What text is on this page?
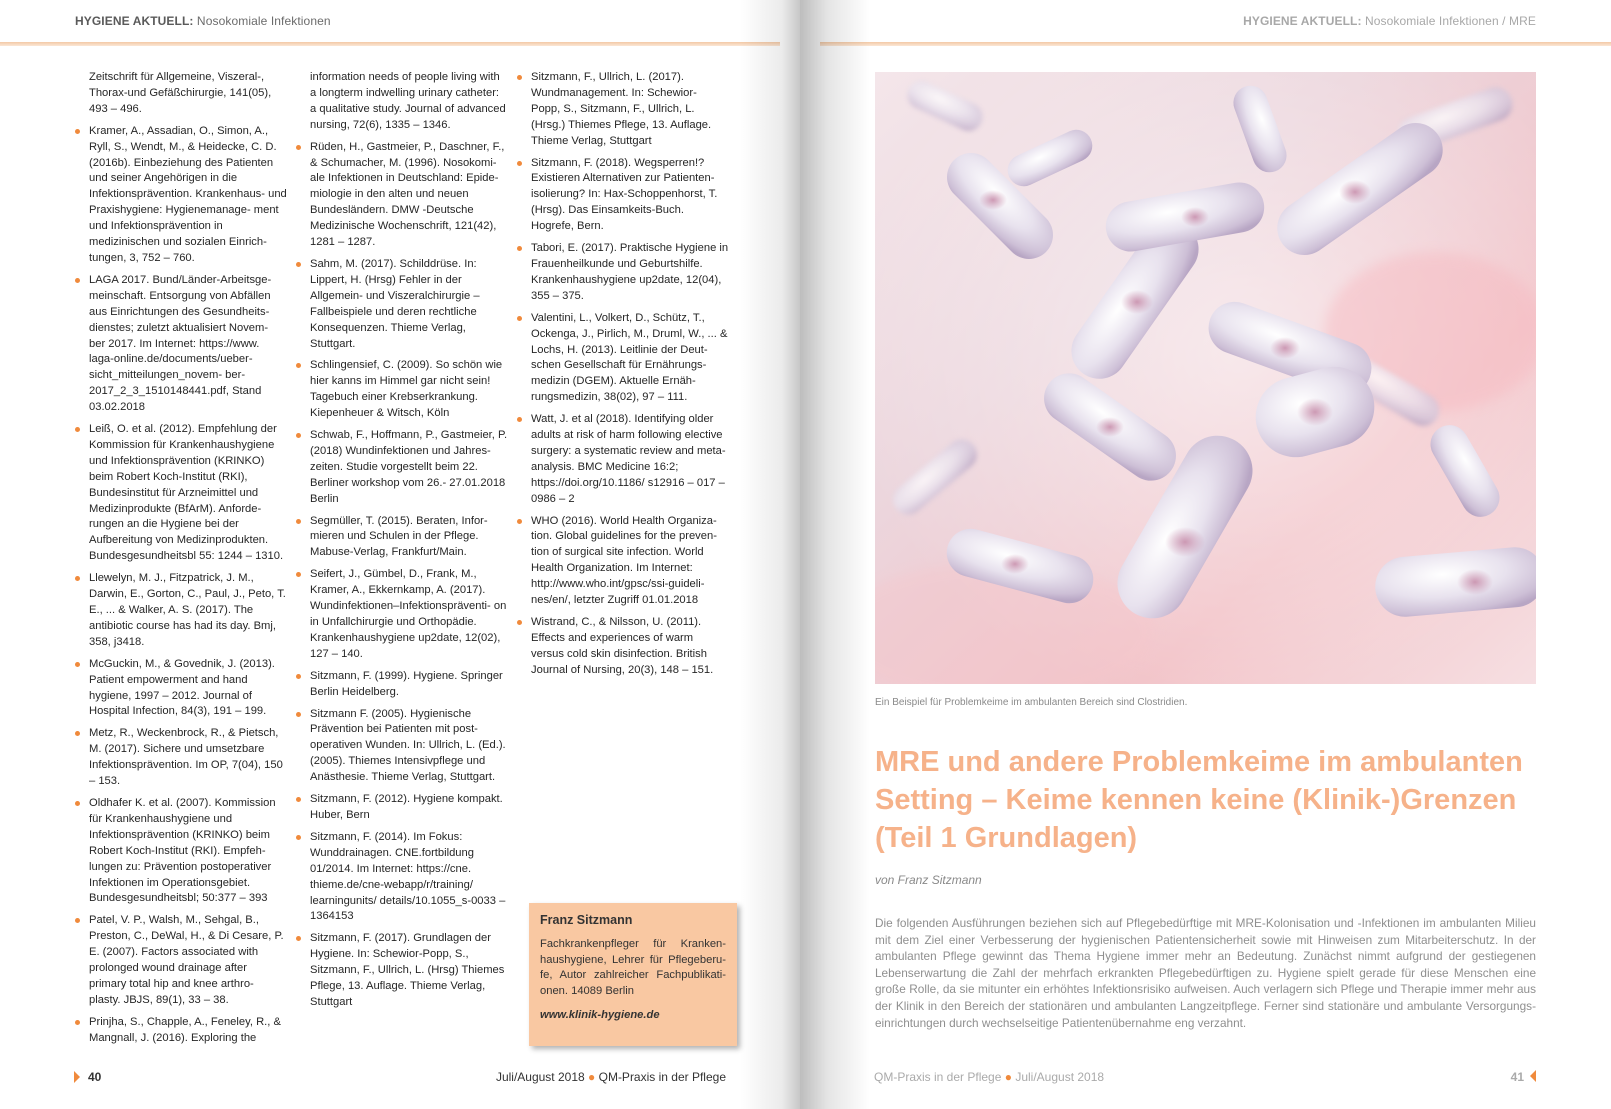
HYGIENE AKTUELL: Nosokomiale Infektionen
Zeitschrift für Allgemeine, Viszeral-, Thorax-und Gefäßchirurgie, 141(05), 493 – 496.
Kramer, A., Assadian, O., Simon, A., Ryll, S., Wendt, M., & Heidecke, C. D. (2016b). Einbeziehung des Patienten und seiner Angehörigen in die Infektionsprävention. Krankenhaus- und Praxishygiene: Hygienemanage- ment und Infektionsprävention in medizinischen und sozialen Einrich- tungen, 3, 752 – 760.
LAGA 2017. Bund/Länder-Arbeitsge- meinschaft. Entsorgung von Abfällen aus Einrichtungen des Gesundheits- dienstes; zuletzt aktualisiert Novem- ber 2017. Im Internet: https://www. laga-online.de/documents/ueber- sicht_mitteilungen_novem- ber-2017_2_3_1510148441.pdf, Stand 03.02.2018
Leiß, O. et al. (2012). Empfehlung der Kommission für Krankenhaushygiene und Infektionsprävention (KRINKO) beim Robert Koch-Institut (RKI), Bundesinstitut für Arzneimittel und Medizinprodukte (BfArM). Anforde- rungen an die Hygiene bei der Aufbereitung von Medizinprodukten. Bundesgesundheitsbl 55: 1244 – 1310.
Llewelyn, M. J., Fitzpatrick, J. M., Darwin, E., Gorton, C., Paul, J., Peto, T. E., ... & Walker, A. S. (2017). The antibiotic course has had its day. Bmj, 358, j3418.
McGuckin, M., & Govednik, J. (2013). Patient empowerment and hand hygiene, 1997 – 2012. Journal of Hospital Infection, 84(3), 191 – 199.
Metz, R., Weckenbrock, R., & Pietsch, M. (2017). Sichere und umsetzbare Infektionsprävention. Im OP, 7(04), 150 – 153.
Oldhafer K. et al. (2007). Kommission für Krankenhaushygiene und Infektionsprävention (KRINKO) beim Robert Koch-Institut (RKI). Empfeh- lungen zu: Prävention postoperativer Infektionen im Operationsgebiet. Bundesgesundheitsbl; 50:377 – 393
Patel, V. P., Walsh, M., Sehgal, B., Preston, C., DeWal, H., & Di Cesare, P. E. (2007). Factors associated with prolonged wound drainage after primary total hip and knee arthro- plasty. JBJS, 89(1), 33 – 38.
Prinjha, S., Chapple, A., Feneley, R., & Mangnall, J. (2016). Exploring the
information needs of people living with a longterm indwelling urinary catheter: a qualitative study. Journal of advanced nursing, 72(6), 1335 – 1346.
Rüden, H., Gastmeier, P., Daschner, F., & Schumacher, M. (1996). Nosokomi- ale Infektionen in Deutschland: Epide- miologie in den alten und neuen Bundesländern. DMW -Deutsche Medizinische Wochenschrift, 121(42), 1281 – 1287.
Sahm, M. (2017). Schilddrüse. In: Lippert, H. (Hrsg) Fehler in der Allgemein- und Viszeralchirurgie – Fallbeispiele und deren rechtliche Konsequenzen. Thieme Verlag, Stuttgart.
Schlingensief, C. (2009). So schön wie hier kanns im Himmel gar nicht sein! Tagebuch einer Krebserkrankung. Kiepenheuer & Witsch, Köln
Schwab, F., Hoffmann, P., Gastmeier, P. (2018) Wundinfektionen und Jahres- zeiten. Studie vorgestellt beim 22. Berliner workshop vom 26.- 27.01.2018 Berlin
Segmüller, T. (2015). Beraten, Infor- mieren und Schulen in der Pflege. Mabuse-Verlag, Frankfurt/Main.
Seifert, J., Gümbel, D., Frank, M., Kramer, A., Ekkernkamp, A. (2017). Wundinfektionen–Infektionspräventi- on in Unfallchirurgie und Orthopädie. Krankenhaushygiene up2date, 12(02), 127 – 140.
Sitzmann, F. (1999). Hygiene. Springer Berlin Heidelberg.
Sitzmann F. (2005). Hygienische Prävention bei Patienten mit post- operativen Wunden. In: Ullrich, L. (Ed.). (2005). Thiemes Intensivpflege und Anästhesie. Thieme Verlag, Stuttgart.
Sitzmann, F. (2012). Hygiene kompakt. Huber, Bern
Sitzmann, F. (2014). Im Fokus: Wunddrainagen. CNE.fortbildung 01/2014. Im Internet: https://cne. thieme.de/cne-webapp/r/training/ learningunits/ details/10.1055_s-0033 – 1364153
Sitzmann, F. (2017). Grundlagen der Hygiene. In: Schewior-Popp, S., Sitzmann, F., Ullrich, L. (Hrsg) Thiemes Pflege, 13. Auflage. Thieme Verlag, Stuttgart
Sitzmann, F., Ullrich, L. (2017). Wundmanagement. In: Schewior- Popp, S., Sitzmann, F., Ullrich, L. (Hrsg.) Thiemes Pflege, 13. Auflage. Thieme Verlag, Stuttgart
Sitzmann, F. (2018). Wegsperren!? Existieren Alternativen zur Patienten- isolierung? In: Hax-Schoppenhorst, T. (Hrsg). Das Einsamkeits-Buch. Hogrefe, Bern.
Tabori, E. (2017). Praktische Hygiene in Frauenheilkunde und Geburtshilfe. Krankenhaushygiene up2date, 12(04), 355 – 375.
Valentini, L., Volkert, D., Schütz, T., Ockenga, J., Pirlich, M., Druml, W., ... & Lochs, H. (2013). Leitlinie der Deut- schen Gesellschaft für Ernährungs- medizin (DGEM). Aktuelle Ernäh- rungsmedizin, 38(02), 97 – 111.
Watt, J. et al (2018). Identifying older adults at risk of harm following elective surgery: a systematic review and meta-analysis. BMC Medicine 16:2; https://doi.org/10.1186/ s12916 – 017 – 0986 – 2
WHO (2016). World Health Organiza- tion. Global guidelines for the preven- tion of surgical site infection. World Health Organization. Im Internet: http://www.who.int/gpsc/ssi-guideli- nes/en/, letzter Zugriff 01.01.2018
Wistrand, C., & Nilsson, U. (2011). Effects and experiences of warm versus cold skin disinfection. British Journal of Nursing, 20(3), 148 – 151.
Franz Sitzmann
Fachkrankenpfleger für Kranken- haushygiene, Lehrer für Pflegeberu- fe, Autor zahlreicher Fachpublikati- onen. 14089 Berlin
www.klinik-hygiene.de
40	Juli/August 2018 ● QM-Praxis in der Pflege
HYGIENE AKTUELL: Nosokomiale Infektionen / MRE
Ein Beispiel für Problemkeime im ambulanten Bereich sind Clostridien.
MRE und andere Problemkeime im ambulanten Setting – Keime kennen keine (Klinik-)Grenzen (Teil 1 Grundlagen)
von Franz Sitzmann
Die folgenden Ausführungen beziehen sich auf Pflegebedürftige mit MRE-Kolonisation und -Infektionen im ambulanten Milieu mit dem Ziel einer Verbesserung der hygienischen Patientensicherheit sowie mit Hinweisen zum Mitarbeiterschutz. In der ambulanten Pflege gewinnt das Thema Hygiene immer mehr an Bedeutung. Zunächst nimmt aufgrund der gestiegenen Lebenserwartung die Zahl der mehrfach erkrankten Pflegebedürftigen zu. Hygiene spielt gerade für diese Menschen eine große Rolle, da sie mitunter ein erhöhtes Infektionsrisiko aufweisen. Auch verlagern sich Pflege und Therapie immer mehr aus der Klinik in den Bereich der stationären und ambulanten Langzeitpflege. Ferner sind stationäre und ambulante Versorgungs- einrichtungen durch wechselseitige Patientenübernahme eng verzahnt.
QM-Praxis in der Pflege ● Juli/August 2018	41
